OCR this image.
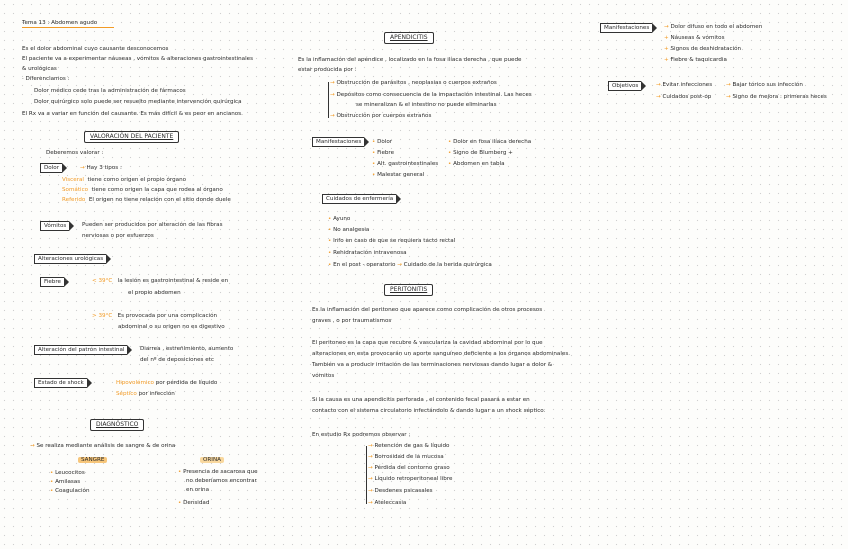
Tema 13 : Abdomen agudo
Es el dolor abdominal cuyo causante desconocemos
El paciente va a experimentar náuseas , vómitos & alteraciones gastrointestinales
& urológicas
· Diferenciamos :
Dolor médico cede tras la administración de fármacos
Dolor quirúrgico solo puede ser resuelto mediante intervención quirúrgica
El Rx va a variar en función del causante. Es más difícil & es peor en ancianos.
VALORACIÓN DEL PACIENTE
Deberemos valorar :
Dolor	→ Hay 3 tipos :
Visceral tiene como origen el propio órgano
Somático tiene como origen la capa que rodea al órgano
Referido El origen no tiene relación con el sitio donde duele
Vómitos	Pueden ser producidos por alteración de las fibras
nerviosas o por esfuerzos
Alteraciones urológicas
Fiebre	< 39°C la lesión es gastrointestinal & reside en
el propio abdomen
> 39°C Es provocada por una complicación
abdominal o su origen no es digestivo
Alteración del patrón intestinal	Diarrea , estreñimiento, aumento
del nº de deposiciones etc
Estado de shock	Hipovolémico por pérdida de líquido
Séptico por infección
DIAGNÓSTICO
→ Se realiza mediante análisis de sangre & de orina
SANGRE
• Leucocitos
• Amilasas
• Coagulación
ORINA
• Presencia de sacarosa que
no deberíamos encontrar
en orina
• Densidad
APENDICITIS
Es la inflamación del apéndice , localizado en la fosa ilíaca derecha , que puede
estar producida por :
→ Obstrucción de parásitos , neoplasias o cuerpos extraños
→ Depósitos como consecuencia de la impactación intestinal. Las heces
se mineralizan & el intestino no puede eliminarlas
→ Obstrucción por cuerpos extraños
Manifestaciones	• Dolor
• Fiebre
• Alt. gastrointestinales
• Malestar general
• Dolor en fosa ilíaca derecha
• Signo de Blumberg +
• Abdomen en tabla
Cuidados de enfermería
• Ayuno
• No analgesia
• Info en caso de que se requiera tacto rectal
• Rehidratación intravenosa
• En el post - operatorio → Cuidado de la herida quirúrgica
PERITONITIS
Es la inflamación del peritoneo que aparece como complicación de otros procesos
graves , o por traumatismos
El peritoneo es la capa que recubre & vasculariza la cavidad abdominal por lo que
alteraciones en esta provocarán un aporte sanguíneo deficiente a los órganos abdominales.
También va a producir irritación de las terminaciones nerviosas dando lugar a dolor &
vómitos
Si la causa es una apendicitis perforada , el contenido fecal pasará a estar en
contacto con el sistema circulatorio infectándolo & dando lugar a un shock séptico.
En estudio Rx podremos observar :
→ Retención de gas & líquido
→ Borrosidad de la mucosa
→ Pérdida del contorno graso
→ Líquido retroperitoneal libre
→ Desdenes psicasales
→ Ateleccasia
Manifestaciones	→ Dolor difuso en todo el abdomen
+ Náuseas & vómitos
+ Signos de deshidratación
+ Fiebre & taquicardia
Objetivos	→ Evitar infecciones
→ Cuidados post-op
→ Bajar tórico sus infección
→ Signo de mejora : primeras heces
